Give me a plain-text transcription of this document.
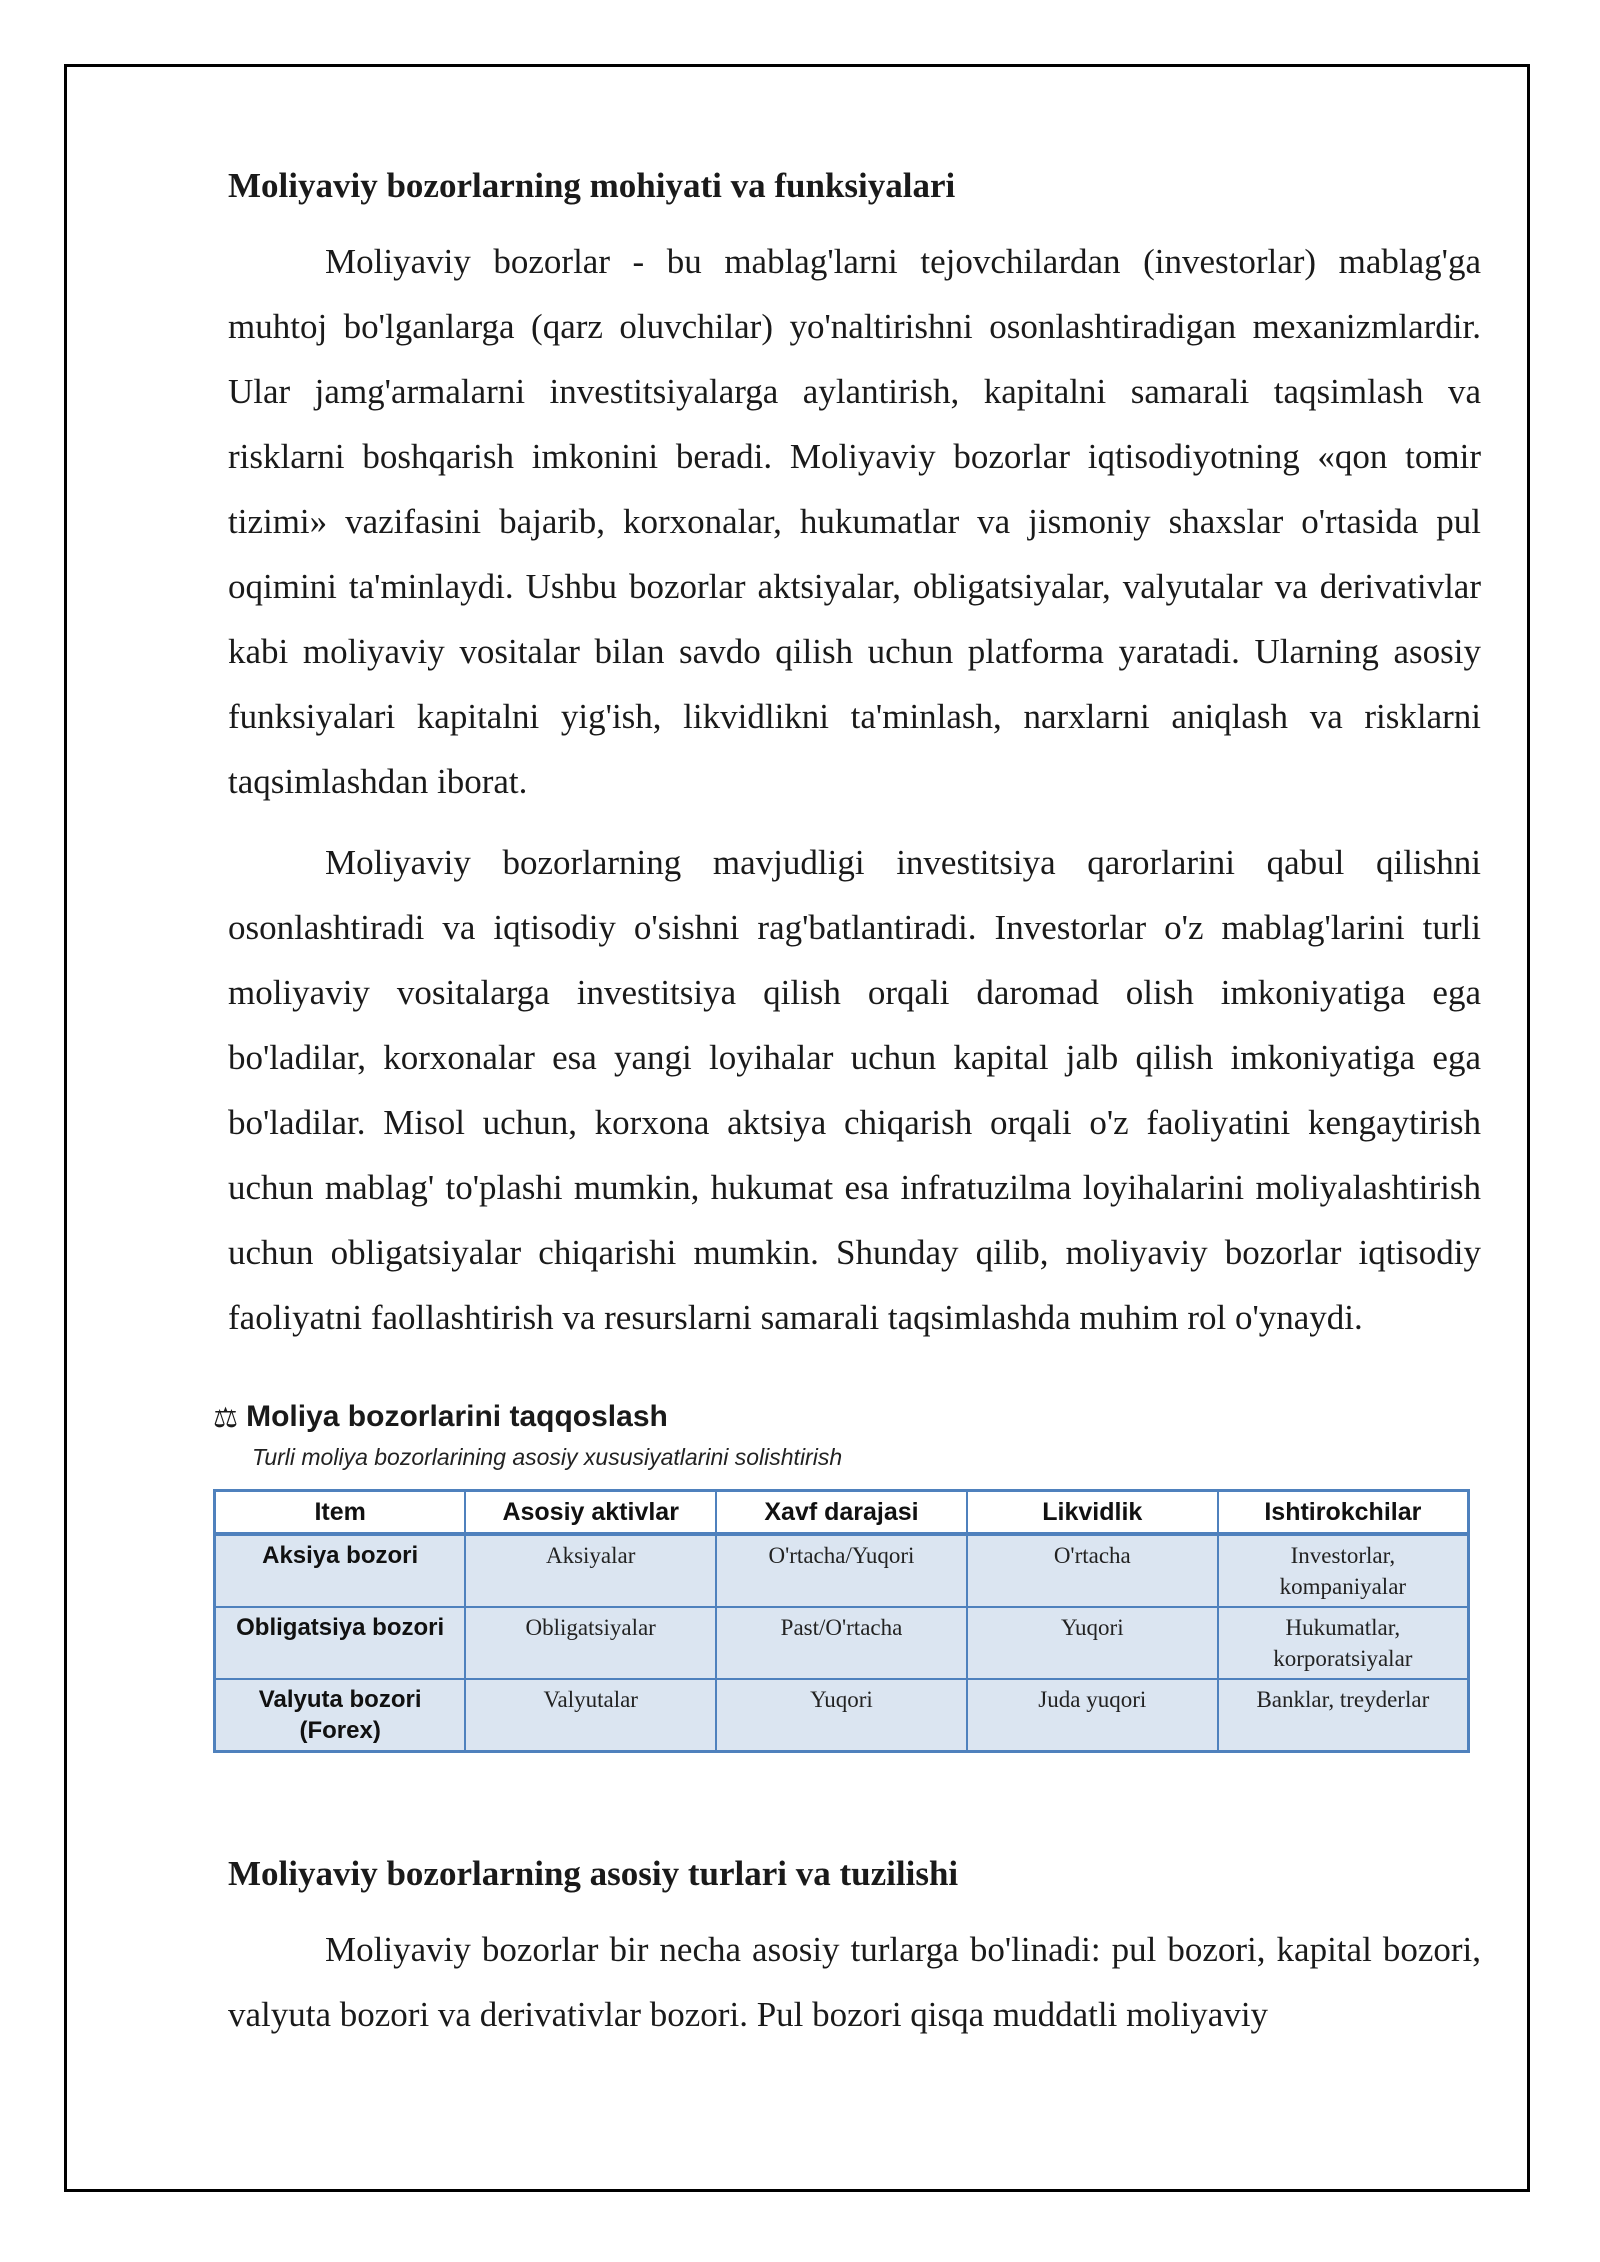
Moliyaviy bozorlarning mohiyati va funksiyalari

Moliyaviy bozorlar - bu mablag'larni tejovchilardan (investorlar) mablag'ga muhtoj bo'lganlarga (qarz oluvchilar) yo'naltirishni osonlashtiradigan mexanizmlardir. Ular jamg'armalarni investitsiyalarga aylantirish, kapitalni samarali taqsimlash va risklarni boshqarish imkonini beradi. Moliyaviy bozorlar iqtisodiyotning «qon tomir tizimi» vazifasini bajarib, korxonalar, hukumatlar va jismoniy shaxslar o'rtasida pul oqimini ta'minlaydi. Ushbu bozorlar aktsiyalar, obligatsiyalar, valyutalar va derivativlar kabi moliyaviy vositalar bilan savdo qilish uchun platforma yaratadi. Ularning asosiy funksiyalari kapitalni yig'ish, likvidlikni ta'minlash, narxlarni aniqlash va risklarni taqsimlashdan iborat.

Moliyaviy bozorlarning mavjudligi investitsiya qarorlarini qabul qilishni osonlashtiradi va iqtisodiy o'sishni rag'batlantiradi. Investorlar o'z mablag'larini turli moliyaviy vositalarga investitsiya qilish orqali daromad olish imkoniyatiga ega bo'ladilar, korxonalar esa yangi loyihalar uchun kapital jalb qilish imkoniyatiga ega bo'ladilar. Misol uchun, korxona aktsiya chiqarish orqali o'z faoliyatini kengaytirish uchun mablag' to'plashi mumkin, hukumat esa infratuzilma loyihalarini moliyalashtirish uchun obligatsiyalar chiqarishi mumkin. Shunday qilib, moliyaviy bozorlar iqtisodiy faoliyatni faollashtirish va resurslarni samarali taqsimlashda muhim rol o'ynaydi.

⚖ Moliya bozorlarini taqqoslash
Turli moliya bozorlarining asosiy xususiyatlarini solishtirish
Item	Asosiy aktivlar	Xavf darajasi	Likvidlik	Ishtirokchilar
Aksiya bozori	Aksiyalar	O'rtacha/Yuqori	O'rtacha	Investorlar, kompaniyalar
Obligatsiya bozori	Obligatsiyalar	Past/O'rtacha	Yuqori	Hukumatlar, korporatsiyalar
Valyuta bozori (Forex)	Valyutalar	Yuqori	Juda yuqori	Banklar, treyderlar
Moliyaviy bozorlarning asosiy turlari va tuzilishi

Moliyaviy bozorlar bir necha asosiy turlarga bo'linadi: pul bozori, kapital bozori, valyuta bozori va derivativlar bozori. Pul bozori qisqa muddatli moliyaviy
